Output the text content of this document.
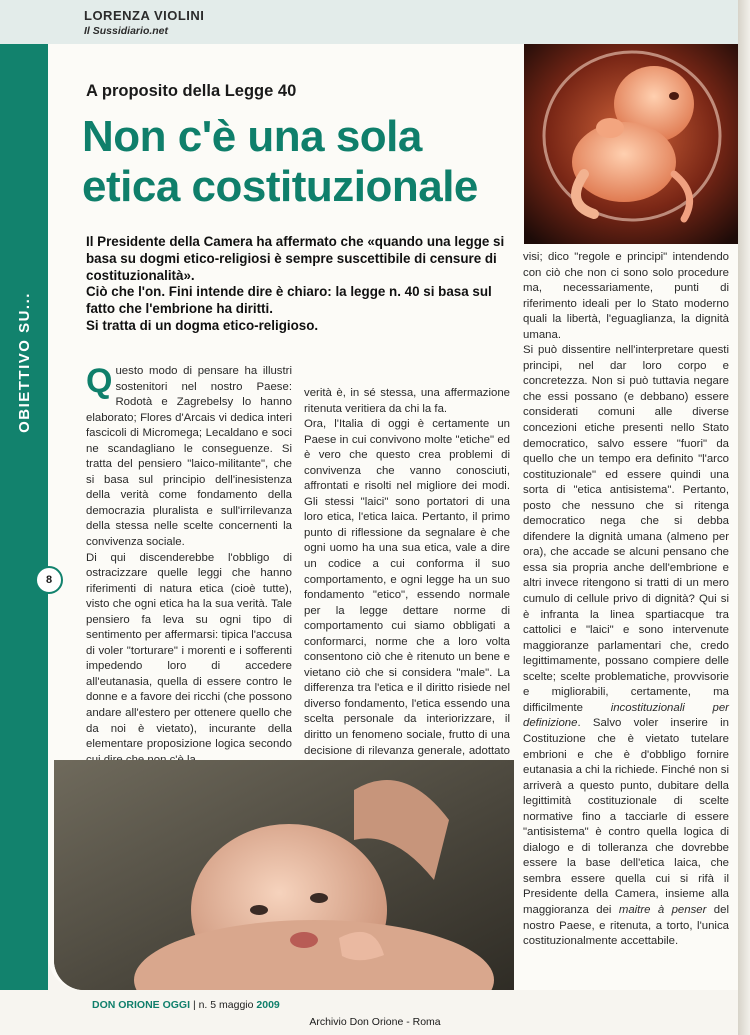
LORENZA VIOLINI
Il Sussidiario.net
OBIETTIVO SU...
A proposito della Legge 40
Non c'è una sola etica costituzionale

Il Presidente della Camera ha affermato che «quando una legge si basa su dogmi etico-religiosi è sempre suscettibile di censure di costituzionalità».

Ciò che l'on. Fini intende dire è chiaro: la legge n. 40 si basa sul fatto che l'embrione ha diritti.

Si tratta di un dogma etico-religioso.

Questo modo di pensare ha illustri sostenitori nel nostro Paese: Rodotà e Zagrebelsy lo hanno elaborato; Flores d'Arcais vi dedica interi fascicoli di Micromega; Lecaldano e soci ne scandagliano le conseguenze. Si tratta del pensiero "laico-militante", che si basa sul principio dell'inesistenza della verità come fondamento della democrazia pluralista e sull'irrilevanza della stessa nelle scelte concernenti la convivenza sociale.

Di qui discenderebbe l'obbligo di ostracizzare quelle leggi che hanno riferimenti di natura etica (cioè tutte), visto che ogni etica ha la sua verità. Tale pensiero fa leva su ogni tipo di sentimento per affermarsi: tipica l'accusa di voler "torturare" i morenti e i sofferenti impedendo loro di accedere all'eutanasia, quella di essere contro le donne e a favore dei ricchi (che possono andare all'estero per ottenere quello che da noi è vietato), incurante della elementare proposizione logica secondo

verità è, in sé stessa, una affermazione ritenuta veritiera da chi la fa.

Ora, l'Italia di oggi è certamente un Paese in cui convivono molte "etiche" ed è vero che questo crea problemi di convivenza che vanno conosciuti, affrontati e risolti nel migliore dei modi. Gli stessi "laici" sono portatori di una loro etica, l'etica laica. Pertanto, il primo punto di riflessione da segnalare è che ogni uomo ha una sua etica, vale a dire un codice a cui conforma il suo comportamento, e ogni legge ha un suo fondamento "etico", essendo normale per la legge dettare norme di comportamento cui siamo obbligati a conformarci, norme che a loro volta consentono ciò che è ritenuto un bene e vietano ciò che si considera "male". La differenza tra l'etica e il diritto risiede nel diverso fondamento, l'etica essendo una scelta personale da interiorizzare, il diritto un fenomeno sociale, frutto di una decisione di rilevanza generale, adottato

visi; dico "regole e principi" intendendo con ciò che non ci sono solo procedure ma, necessariamente, punti di riferimento ideali per lo Stato moderno quali la libertà, l'eguaglianza, la dignità umana.

Si può dissentire nell'interpretare questi principi, nel dar loro corpo e concretezza. Non si può tuttavia negare che essi possano (e debbano) essere considerati comuni alle diverse concezioni etiche presenti nello Stato democratico, salvo essere "fuori" da quello che un tempo era definito "l'arco costituzionale" ed essere quindi una sorta di "etica antisistema". Pertanto, posto che nessuno che si ritenga democratico nega che si debba difendere la dignità umana (almeno per ora), che accade se alcuni pensano che essa sia propria anche dell'embrione e altri invece ritengono si tratti di un mero cumulo di cellule privo di dignità? Qui si è infranta la linea spartiacque tra cattolici e "laici" e sono intervenute maggioranze parlamentari che, credo legittimamente, possano compiere delle scelte; scelte problematiche, provvisorie e migliorabili, certamente, ma difficilmente incostituzionali per definizione. Salvo voler inserire in Costituzione che è vietato tutelare embrioni e che è d'obbligo fornire eutanasia a chi la richiede. Finché non si arriverà a questo punto, dubitare della legittimità costituzionale di scelte normative fino a tacciarle di essere "antisistema" è contro quella logica di dialogo e di tolleranza che dovrebbe essere la base dell'etica laica, che sembra essere quella cui si rifà il Presidente della Camera, insieme alla maggioranza dei maitre à penser del nostro Paese, e ritenuta, a torto, l'unica costituzionalmente accettabile.

8
DON ORIONE OGGI | n. 5 maggio 2009
Archivio Don Orione - Roma
